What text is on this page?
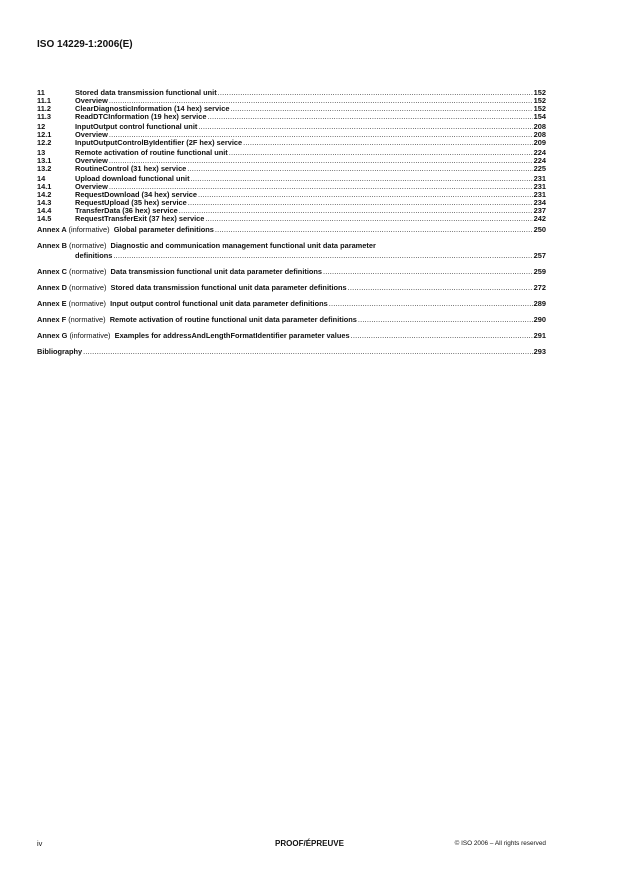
ISO 14229-1:2006(E)
11	Stored data transmission functional unit .....	152
11.1	Overview .....	152
11.2	ClearDiagnosticInformation (14 hex) service .....	152
11.3	ReadDTCInformation (19 hex) service .....	154
12	InputOutput control functional unit .....	208
12.1	Overview .....	208
12.2	InputOutputControlByIdentifier (2F hex) service .....	209
13	Remote activation of routine functional unit .....	224
13.1	Overview .....	224
13.2	RoutineControl (31 hex) service .....	225
14	Upload download functional unit .....	231
14.1	Overview .....	231
14.2	RequestDownload (34 hex) service .....	231
14.3	RequestUpload (35 hex) service .....	234
14.4	TransferData (36 hex) service .....	237
14.5	RequestTransferExit (37 hex) service .....	242
Annex A (informative) Global parameter definitions .....	250
Annex B (normative) Diagnostic and communication management functional unit data parameter
definitions .....	257
Annex C (normative) Data transmission functional unit data parameter definitions .....	259
Annex D (normative) Stored data transmission functional unit data parameter definitions .....	272
Annex E (normative) Input output control functional unit data parameter definitions .....	289
Annex F (normative) Remote activation of routine functional unit data parameter definitions .....	290
Annex G (informative) Examples for addressAndLengthFormatIdentifier parameter values .....	291
Bibliography .....	293
iv	PROOF/ÉPREUVE	© ISO 2006 – All rights reserved
